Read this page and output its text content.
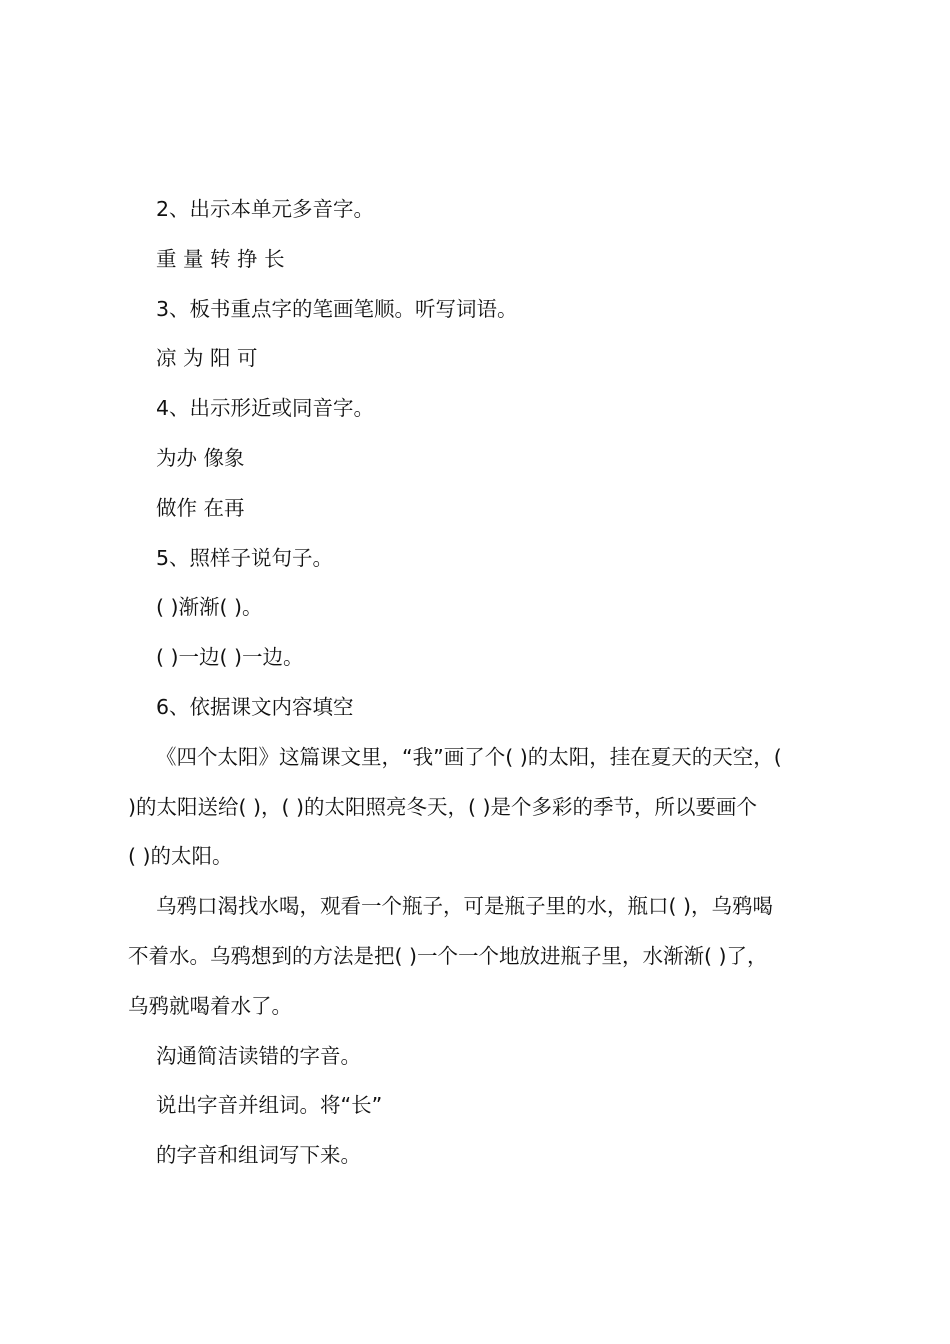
2、出示本单元多音字。
重 量 转 挣 长
3、板书重点字的笔画笔顺。听写词语。
凉 为 阳 可
4、出示形近或同音字。
为办 像象
做作 在再
5、照样子说句子。
( )渐渐( )。
( )一边( )一边。
6、依据课文内容填空
《四个太阳》这篇课文里，“我”画了个( )的太阳，挂在夏天的天空，(
)的太阳送给( )，( )的太阳照亮冬天，( )是个多彩的季节，所以要画个
( )的太阳。
乌鸦口渴找水喝，观看一个瓶子，可是瓶子里的水，瓶口( )，乌鸦喝
不着水。乌鸦想到的方法是把( )一个一个地放进瓶子里，水渐渐( )了，
乌鸦就喝着水了。
沟通简洁读错的字音。
说出字音并组词。将“长”
的字音和组词写下来。
